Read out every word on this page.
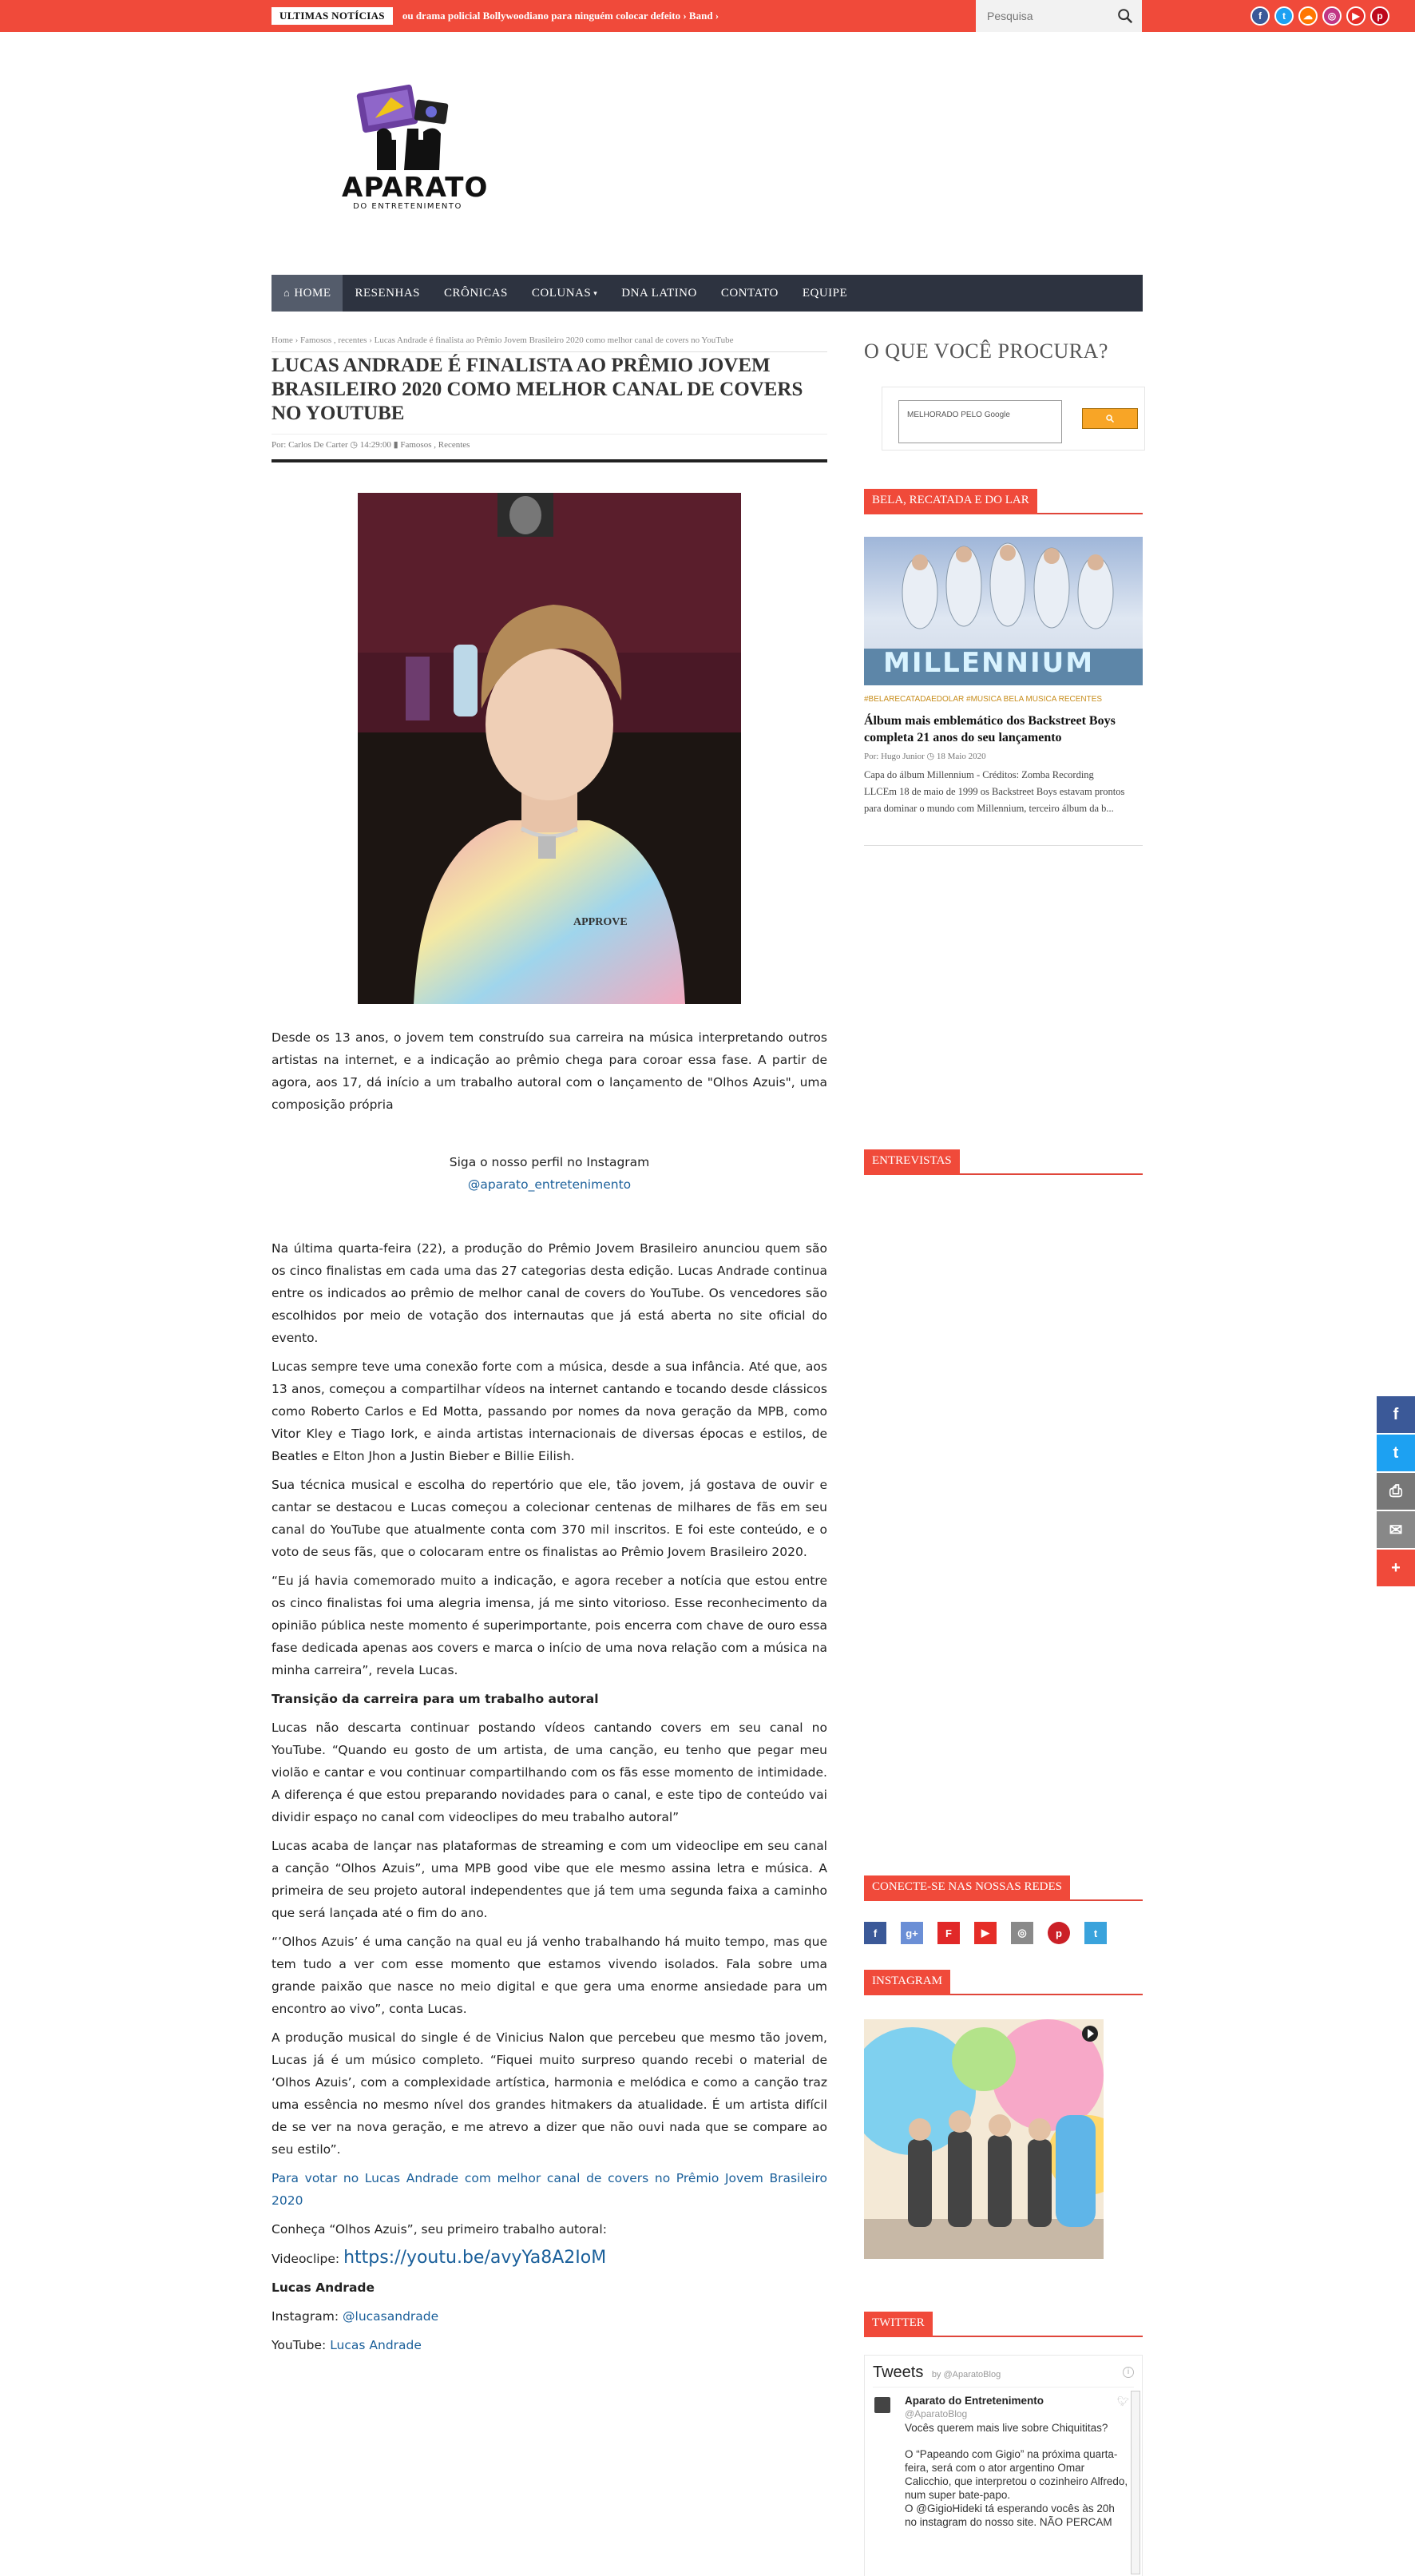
ULTIMAS NOTÍCIAS	ou drama policial Bollywoodiano para ninguém colocar defeito › Band ›
Pesquisa	f	t	☁	◎	▶	p
APARATO
DO ENTRETENIMENTO
⌂ HOME	RESENHAS	CRÔNICAS	COLUNAS ▾	DNA LATINO	CONTATO	EQUIPE
Home › Famosos , recentes › Lucas Andrade é finalista ao Prêmio Jovem Brasileiro 2020 como melhor canal de covers no YouTube
LUCAS ANDRADE É FINALISTA AO PRÊMIO JOVEM BRASILEIRO 2020 COMO MELHOR CANAL DE COVERS NO YOUTUBE
Por: Carlos De Carter ◷ 14:29:00 ▮ Famosos , Recentes
APPROVE

Desde os 13 anos, o jovem tem construído sua carreira na música interpretando outros artistas na internet, e a indicação ao prêmio chega para coroar essa fase. A partir de agora, aos 17, dá início a um trabalho autoral com o lançamento de "Olhos Azuis", uma composição própria

Siga o nosso perfil no Instagram

@aparato_entretenimento

Na última quarta-feira (22), a produção do Prêmio Jovem Brasileiro anunciou quem são os cinco finalistas em cada uma das 27 categorias desta edição. Lucas Andrade continua entre os indicados ao prêmio de melhor canal de covers do YouTube. Os vencedores são escolhidos por meio de votação dos internautas que já está aberta no site oficial do evento.

Lucas sempre teve uma conexão forte com a música, desde a sua infância. Até que, aos 13 anos, começou a compartilhar vídeos na internet cantando e tocando desde clássicos como Roberto Carlos e Ed Motta, passando por nomes da nova geração da MPB, como Vitor Kley e Tiago Iork, e ainda artistas internacionais de diversas épocas e estilos, de Beatles e Elton Jhon a Justin Bieber e Billie Eilish.

Sua técnica musical e escolha do repertório que ele, tão jovem, já gostava de ouvir e cantar se destacou e Lucas começou a colecionar centenas de milhares de fãs em seu canal do YouTube que atualmente conta com 370 mil inscritos. E foi este conteúdo, e o voto de seus fãs, que o colocaram entre os finalistas ao Prêmio Jovem Brasileiro 2020.

“Eu já havia comemorado muito a indicação, e agora receber a notícia que estou entre os cinco finalistas foi uma alegria imensa, já me sinto vitorioso. Esse reconhecimento da opinião pública neste momento é superimportante, pois encerra com chave de ouro essa fase dedicada apenas aos covers e marca o início de uma nova relação com a música na minha carreira”, revela Lucas.

Transição da carreira para um trabalho autoral

Lucas não descarta continuar postando vídeos cantando covers em seu canal no YouTube. “Quando eu gosto de um artista, de uma canção, eu tenho que pegar meu violão e cantar e vou continuar compartilhando com os fãs esse momento de intimidade. A diferença é que estou preparando novidades para o canal, e este tipo de conteúdo vai dividir espaço no canal com videoclipes do meu trabalho autoral”

Lucas acaba de lançar nas plataformas de streaming e com um videoclipe em seu canal a canção “Olhos Azuis”, uma MPB good vibe que ele mesmo assina letra e música. A primeira de seu projeto autoral independentes que já tem uma segunda faixa a caminho que será lançada até o fim do ano.

“’Olhos Azuis’ é uma canção na qual eu já venho trabalhando há muito tempo, mas que tem tudo a ver com esse momento que estamos vivendo isolados. Fala sobre uma grande paixão que nasce no meio digital e que gera uma enorme ansiedade para um encontro ao vivo”, conta Lucas.

A produção musical do single é de Vinicius Nalon que percebeu que mesmo tão jovem, Lucas já é um músico completo. “Fiquei muito surpreso quando recebi o material de ‘Olhos Azuis’, com a complexidade artística, harmonia e melódica e como a canção traz uma essência no mesmo nível dos grandes hitmakers da atualidade. É um artista difícil de se ver na nova geração, e me atrevo a dizer que não ouvi nada que se compare ao seu estilo”.

Para votar no Lucas Andrade com melhor canal de covers no Prêmio Jovem Brasileiro 2020

Conheça “Olhos Azuis”, seu primeiro trabalho autoral:

Videoclipe: https://youtu.be/avyYa8A2IoM

Lucas Andrade

Instagram: @lucasandrade

YouTube: Lucas Andrade

O QUE VOCÊ PROCURA?
MELHORADO PELO Google
BELA, RECATADA E DO LAR
MILLENNIUM
#BELARECATADAEDOLAR #MÚSICA BELA MÚSICA RECENTES
Álbum mais emblemático dos Backstreet Boys completa 21 anos do seu lançamento
Por: Hugo Junior ◷ 18 Maio 2020
Capa do álbum Millennium - Créditos: Zomba Recording LLCEm 18 de maio de 1999 os Backstreet Boys estavam prontos para dominar o mundo com Millennium, terceiro álbum da b...
ENTREVISTAS
CONECTE-SE NAS NOSSAS REDES
f	g+	F	▶	◎	p	t
INSTAGRAM
TWITTER
Tweets by @AparatoBlog	i
🐦︎
Aparato do Entretenimento
@AparatoBlog
Vocês querem mais live sobre Chiquititas?
O “Papeando com Gigio” na próxima quarta-feira, será com o ator argentino Omar Calicchio, que interpretou o cozinheiro Alfredo, num super bate-papo.
O @GigioHideki tá esperando vocês às 20h no instagram do nosso site. NÃO PERCAM
f
t
⎙
✉
+
